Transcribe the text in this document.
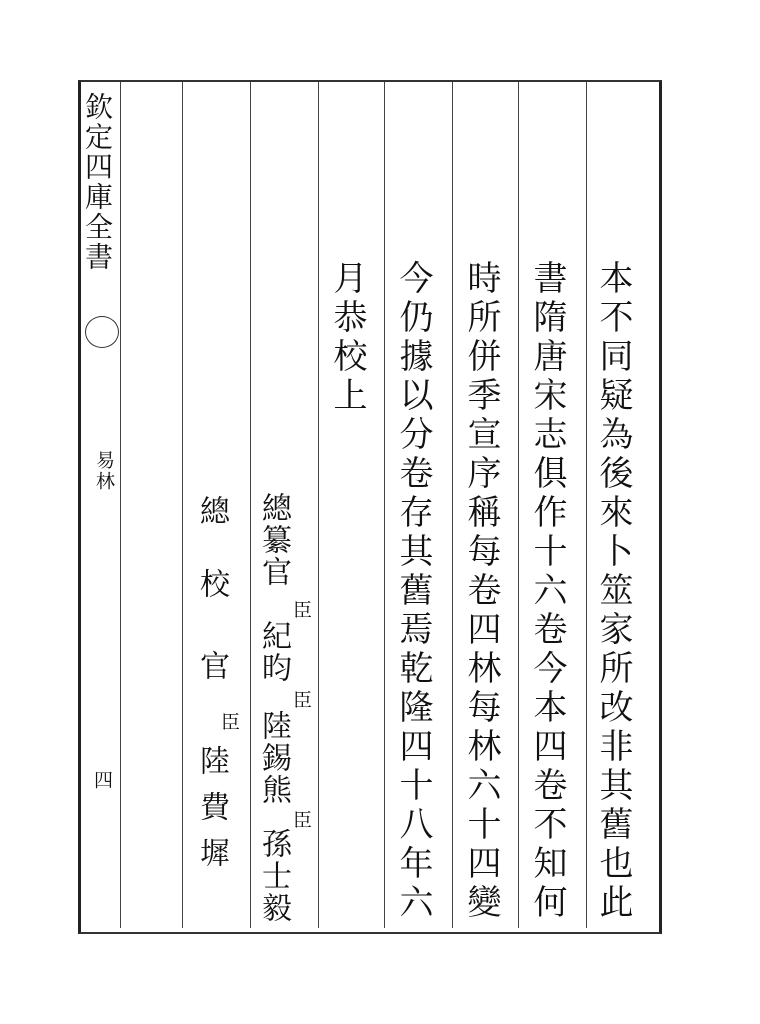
欽定四庫全書
易林
四	本不同疑為後來卜筮家所改非其舊也此
書隋唐宋志俱作十六卷今本四卷不知何
時所併季宣序稱每卷四林每林六十四變
今仍據以分卷存其舊焉乾隆四十八年六
月恭校上
總纂官
臣
紀昀
臣
陸錫熊
臣
孫士毅
總
校
官
臣
陸費墀
